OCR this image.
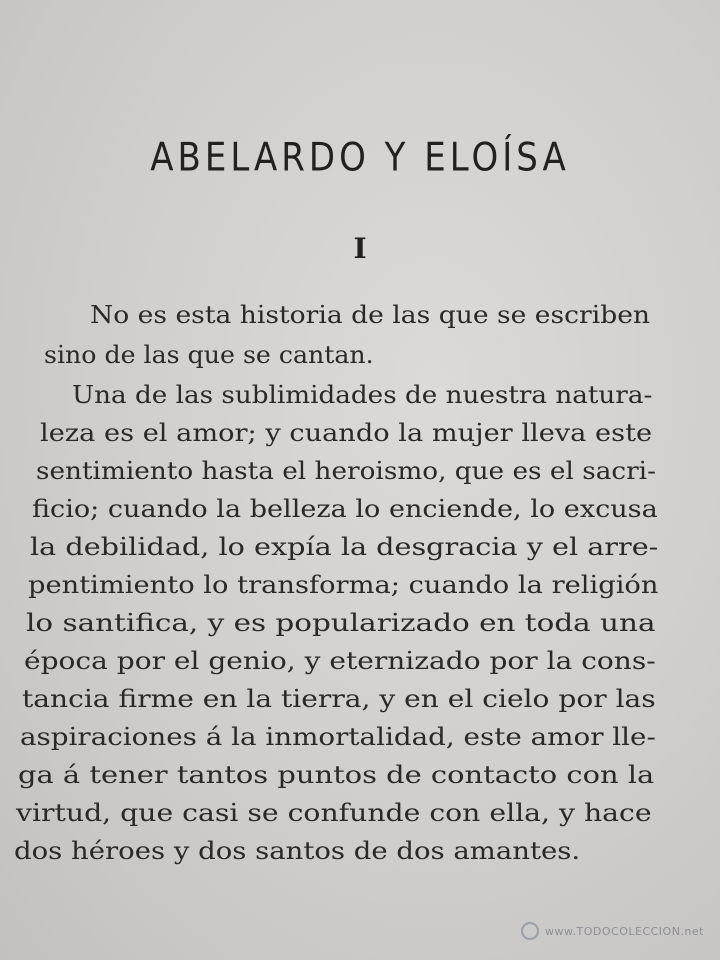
ABELARDO Y ELOÍSA
I
No es esta historia de las que se escriben
sino de las que se cantan.
Una de las sublimidades de nuestra natura-
leza es el amor; y cuando la mujer lleva este
sentimiento hasta el heroismo, que es el sacri-
ficio; cuando la belleza lo enciende, lo excusa
la debilidad, lo expía la desgracia y el arre-
pentimiento lo transforma; cuando la religión
lo santifica, y es popularizado en toda una
época por el genio, y eternizado por la cons-
tancia firme en la tierra, y en el cielo por las
aspiraciones á la inmortalidad, este amor lle-
ga á tener tantos puntos de contacto con la
virtud, que casi se confunde con ella, y hace
dos héroes y dos santos de dos amantes.
www.TODOCOLECCION.net
